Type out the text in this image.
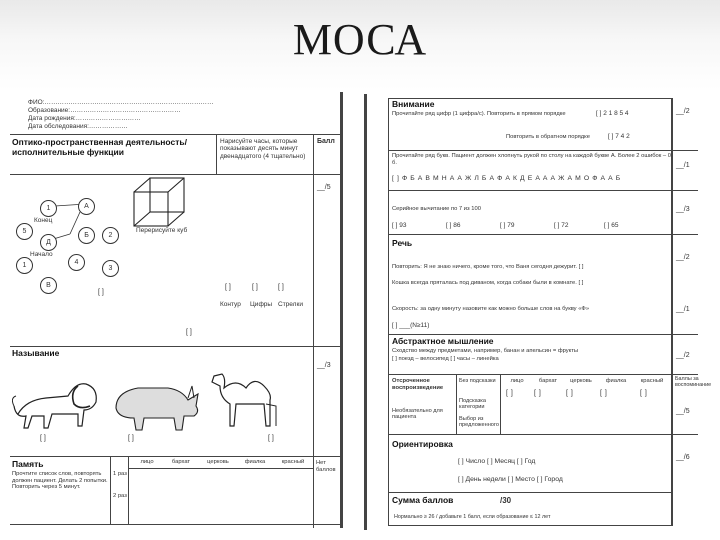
МОСА
ФИО:……………………………………………………………………
Образование:……………………………………………
Дата рождения:…………………………
Дата обследования:………………
Оптико-пространственная деятельность/ исполнительные функции
Нарисуйте часы, которые показывают десять минут двенадцатого (4 тщательно)
Балл
__/5
1	А
Конец
5
Б	2
Д
Начало
1	4
3
В
[ ]
Перерисуйте куб
[ ]
[ ]	[ ]	[ ]
Контур Цифры Стрелки
Называние
__/3
[ ]	[ ]	[ ]
Память
Прочтите список слов, повторять должен пациент. Делать 2 попытки. Повторить через 5 минут.
лицо	бархат	церковь	фиалка	красный
1 раз
2 раз
Нет баллов
Внимание
Прочитайте ряд цифр (1 цифра/с). Повторить в прямом порядке	[ ] 2 1 8 5 4
Повторить в обратном порядке	[ ] 7 4 2
__/2
Прочитайте ряд букв. Пациент должен хлопнуть рукой по столу на каждой букве А. Более 2 ошибок – 0 б.
[ ] Ф Б А В М Н А А Ж Л Б А Ф А К Д Е А А А Ж А М О Ф А А Б
__/1
Серийное вычитание по 7 из 100
[ ] 93	[ ] 86	[ ] 79	[ ] 72	[ ] 65
__/3
Речь
Повторить: Я не знаю ничего, кроме того, что Ваня сегодня дежурит. [ ]
Кошка всегда пряталась под диваном, когда собаки были в комнате. [ ]
__/2
Скорость: за одну минуту назовите как можно больше слов на букву «Ф»
[ ] ___(N≥11)
__/1
Абстрактное мышление
Сходство между предметами, например, банан и апельсин = фрукты
[ ] поезд – велосипед [ ] часы – линейка	__/2
Отсроченное воспроизведение
Необязательно для пациента
Без подсказки
Подсказка категории
Выбор из предложенного
лицо	бархат	церковь	фиалка	красный
[ ]	[ ]	[ ]	[ ]	[ ]
Баллы за воспоминание
__/5
Ориентировка
[ ] Число [ ] Месяц [ ] Год
[ ] День недели [ ] Место [ ] Город
__/6
Сумма баллов	/30
Нормально ≥ 26 / добавьте 1 балл, если образование ≤ 12 лет
